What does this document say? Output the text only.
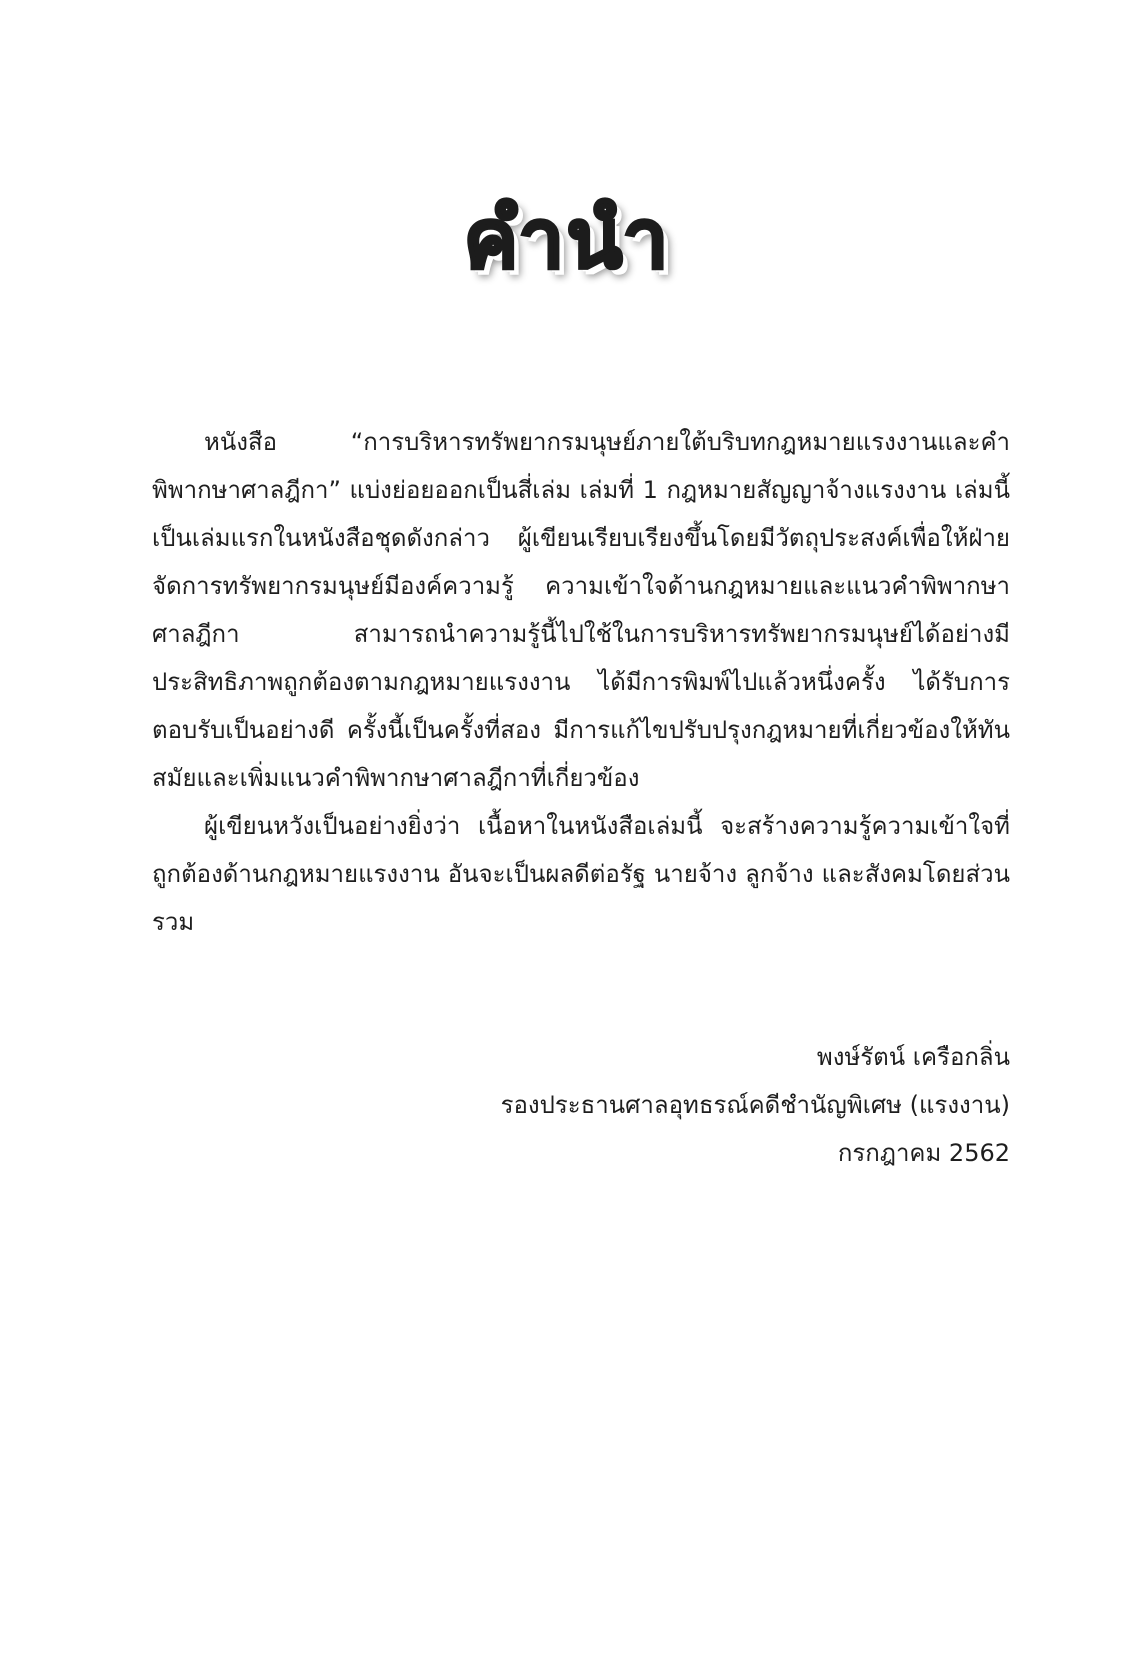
คำนำ

หนังสือ “การบริหารทรัพยากรมนุษย์ภายใต้บริบทกฎหมายแรงงานและคำพิพากษาศาลฎีกา” แบ่งย่อยออกเป็นสี่เล่ม เล่มที่ 1 กฎหมายสัญญาจ้างแรงงาน เล่มนี้เป็นเล่มแรกในหนังสือชุดดังกล่าว ผู้เขียนเรียบเรียงขึ้นโดยมีวัตถุประสงค์เพื่อให้ฝ่ายจัดการทรัพยากรมนุษย์มีองค์ความรู้ ความเข้าใจด้านกฎหมายและแนวคำพิพากษาศาลฎีกา สามารถนำความรู้นี้ไปใช้ในการบริหารทรัพยากรมนุษย์ได้อย่างมีประสิทธิภาพถูกต้องตามกฎหมายแรงงาน ได้มีการพิมพ์ไปแล้วหนึ่งครั้ง ได้รับการตอบรับเป็นอย่างดี ครั้งนี้เป็นครั้งที่สอง มีการแก้ไขปรับปรุงกฎหมายที่เกี่ยวข้องให้ทันสมัยและเพิ่มแนวคำพิพากษาศาลฎีกาที่เกี่ยวข้อง

ผู้เขียนหวังเป็นอย่างยิ่งว่า เนื้อหาในหนังสือเล่มนี้ จะสร้างความรู้ความเข้าใจที่ถูกต้องด้านกฎหมายแรงงาน อันจะเป็นผลดีต่อรัฐ นายจ้าง ลูกจ้าง และสังคมโดยส่วนรวม

พงษ์รัตน์ เครือกลิ่น
รองประธานศาลอุทธรณ์คดีชำนัญพิเศษ (แรงงาน)
กรกฎาคม 2562
